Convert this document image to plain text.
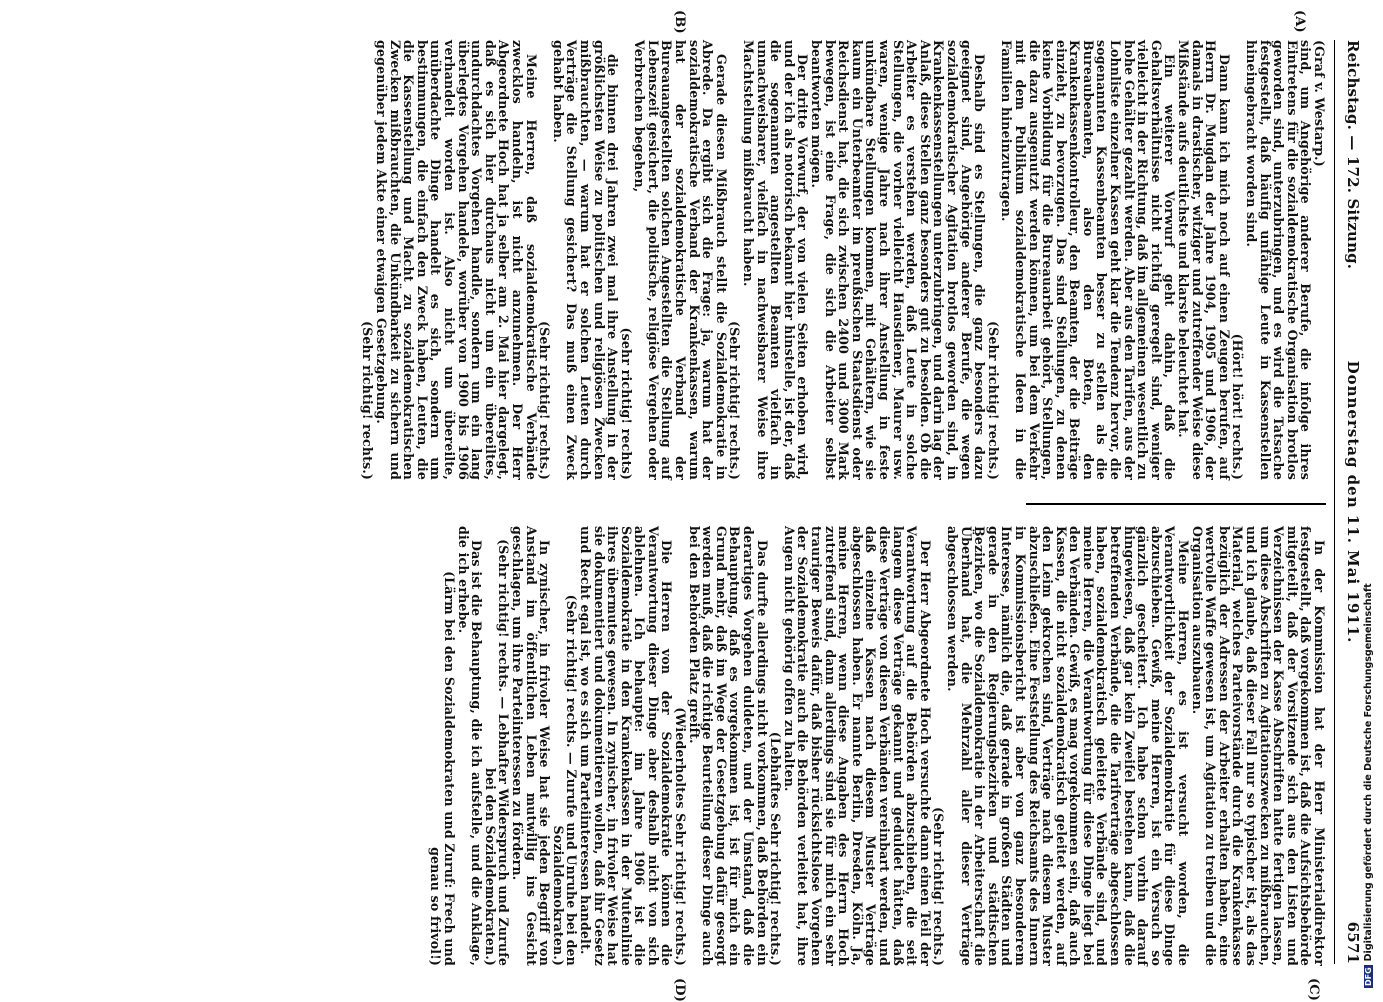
Reichstag. — 172. Sitzung.
Donnerstag den 11. Mai 1911.
6571

(Graf v. Westarp.)

sind, um Angehörige anderer Berufe, die infolge ihres Eintretens für die sozialdemokratische Organisation brotlos geworden sind, unterzubringen, und es wird die Tatsache festgestellt, daß häufig unfähige Leute in Kassenstellen hineingebracht worden sind.

(Hört! hört! rechts.)

Dann kann ich mich noch auf einen Zeugen berufen, auf Herrn Dr. Mugdan der Jahre 1904, 1905 und 1906, der damals in drastischer, witziger und zutreffender Weise diese Mißstände aufs deutlichste und klarste beleuchtet hat.

Ein weiterer Vorwurf geht dahin, daß die Gehaltsverhältnisse nicht richtig geregelt sind, weniger vielleicht in der Richtung, daß im allgemeinen wesentlich zu hohe Gehälter gezahlt werden. Aber aus den Tarifen, aus der Lohnliste einzelner Kassen geht klar die Tendenz hervor, die sogenannten Kassenbeamten besser zu stellen als die Bureaubeamten, also den Boten, den Krankenkassenkontrolleur, den Beamten, der die Beiträge einzieht, zu bevorzugen. Das sind Stellungen, zu denen keine Vorbildung für die Bureauarbeit gehört, Stellungen, die dazu ausgenutzt werden können, um bei dem Verkehr mit dem Publikum sozialdemokratische Ideen in die Familien hineinzutragen.

(Sehr richtig! rechts.)

Deshalb sind es Stellungen, die ganz besonders dazu geeignet sind, Angehörige anderer Berufe, die wegen sozialdemokratischer Agitation brotlos geworden sind, in Krankenkassenstellungen unterzubringen, und darin lag der Anlaß, diese Stellen ganz besonders gut zu besolden. Ob die Arbeiter es verstehen werden, daß Leute in solche Stellungen, die vorher vielleicht Hausdiener, Maurer usw. waren, wenige Jahre nach ihrer Anstellung in feste unkündbare Stellungen kommen, mit Gehältern, wie sie kaum ein Unterbeamter im preußischen Staatsdienst oder Reichsdienst hat, die sich zwischen 2400 und 3000 Mark bewegen, ist eine Frage, die sich die Arbeiter selbst beantworten mögen.

Der dritte Vorwurf, der von vielen Seiten erhoben wird, und der ich als notorisch bekannt hier hinstelle, ist der, daß die sogenannten angestellten Beamten vielfach in unnachweisbarer, vielfach in nachweisbarer Weise ihre Machtstellung mißbraucht haben.

(Sehr richtig! rechts.)

Gerade diesen Mißbrauch stellt die Sozialdemokratie in Abrede. Da ergibt sich die Frage: ja, warum hat der sozialdemokratische Verband der Krankenkassen, warum hat der sozialdemokratische Verband der Bureauangestellten solchen Angestellten die Stellung auf Lebenszeit gesichert, die politische, religiöse Vergehen oder Verbrechen begehen,

(sehr richtig! rechts)

die binnen drei Jahren zwei mal ihre Anstellung in der größlichsten Weise zu politischen und religiösen Zwecken mißbrauchten, — warum hat er solchen Leuten durch Verträge die Stellung gesichert? Das muß einen Zweck gehabt haben.

(Sehr richtig! rechts.)

Meine Herren, daß sozialdemokratische Verbände zwecklos handeln, ist nicht anzunehmen. Der Herr Abgeordnete Hoch hat ja selber am 2. Mai hier dargelegt, daß es sich hier durchaus nicht um ein übereiltes, undurchdachtes Vorgehen handle, sondern um ein lang überlegtes Vorgehen handele, worüber von 1900 bis 1906 verhandelt worden ist. Also nicht um übereilte, unüberdachte Dinge handelt es sich, sondern um bestimmungen, die einfach den Zweck haben, Leuten, die die Kassenstellung und Macht zu sozialdemokratischen Zwecken mißbrauchten, die Unkündbarkeit zu sichern und gegenüber jedem Akte einer etwaigen Gesetzgebung.

(Sehr richtig! rechts.)

In der Kommission hat der Herr Ministerialdirektor festgestellt, daß vorgekommen ist, daß die Aufsichtsbehörde mitgeteilt, daß der Vorsitzende sich aus den Listen und Verzeichnissen der Kasse Abschriften hatte fertigen lassen, um diese Abschriften zu Agitationszwecken zu mißbrauchen, und ich glaube, daß dieser Fall nur so typischer ist, als das Material, welches Parteivorstände durch die Krankenkasse bezüglich der Adressen der Arbeiter erhalten haben, eine wertvolle Waffe gewesen ist, um Agitation zu treiben und die Organisation auszubauen.

Meine Herren, es ist versucht worden, die Verantwortlichkeit der Sozialdemokratie für diese Dinge abzuschieben. Gewiß, meine Herren, ist ein Versuch so gänzlich gescheitert. Ich habe schon vorhin darauf hingewiesen, daß gar kein Zweifel bestehen kann, daß die betreffenden Verbände, die die Tarifverträge abgeschlossen haben, sozialdemokratisch geleitete Verbände sind, und meine Herren, die Verantwortung für diese Dinge liegt bei den Verbänden. Gewiß, es mag vorgekommen sein, daß auch Kassen, die nicht sozialdemokratisch geleitet werden, auf den Leim gekrochen sind, Verträge nach diesem Muster abzuschließen. Eine Feststellung des Reichsamts des Innern in Kommissionsbericht ist aber von ganz besonderem Interesse, nämlich die, daß gerade in großen Städten und gerade in den Regierungsbezirken und städtischen Bezirken, wo die Sozialdemokratie in der Arbeiterschaft die Überhand hat, die Mehrzahl aller dieser Verträge abgeschlossen werden.

(Sehr richtig! rechts.)

Der Herr Abgeordnete Hoch versuchte dann einen Teil der Verantwortung auf die Behörden abzuschieben, die seit langem diese Verträge gekannt und geduldet hätten, daß diese Verträge von diesen Verbänden vereinbart werden, und daß einzelne Kassen nach diesem Muster Verträge abgeschlossen haben. Er nannte Berlin, Dresden, Köln. Ja, meine Herren, wenn diese Angaben des Herrn Hoch zutreffend sind, dann allerdings sind sie für mich ein sehr trauriger Beweis dafür, daß bisher rücksichtslose Vorgehen der Sozialdemokratie auch die Behörden verleitet hat, ihre Augen nicht gehörig offen zu halten.

(Lebhaftes Sehr richtig! rechts.)

Das durfte allerdings nicht vorkommen, daß Behörden ein derartiges Vorgehen duldeten, und der Umstand, daß die Behauptung, daß es vorgekommen ist, ist für mich ein Grund mehr, daß im Wege der Gesetzgebung dafür gesorgt werden muß, daß die richtige Beurteilung dieser Dinge auch bei den Behörden Platz greift.

(Wiederholtes Sehr richtig! rechts.)

Die Herren von der Sozialdemokratie können die Verantwortung dieser Dinge aber deshalb nicht von sich ablehnen. Ich behaupte: im Jahre 1906 ist die Sozialdemokratie in den Krankenkassen in der Mutenlinie ihres übermutes gewesen. In zynischer, in frivoler Weise hat sie dokumentiert und dokumentieren wollen, daß ihr Gesetz und Recht egal ist, wo es sich um Parteiinteressen handelt.

(Sehr richtig! rechts. — Zurufe und Unruhe bei den Sozialdemokraten.)

In zynischer, in frivoler Weise hat sie jeden Begriff von Anstand im öffentlichen Leben mutwillig ins Gesicht geschlagen, um ihre Parteiinteressen zu fördern.

(Sehr richtig! rechts. — Lebhafter Widerspruch und Zurufe bei den Sozialdemokraten.)

Das ist die Behauptung, die ich aufstelle, und die Anklage, die ich erhebe.

(Lärm bei den Sozialdemokraten und Zuruf: Frech und genau so frivol!)

(A)
(B)
(C)
(D)
DFGDigitalisierung gefördert durch die Deutsche Forschungsgemeinschaft
